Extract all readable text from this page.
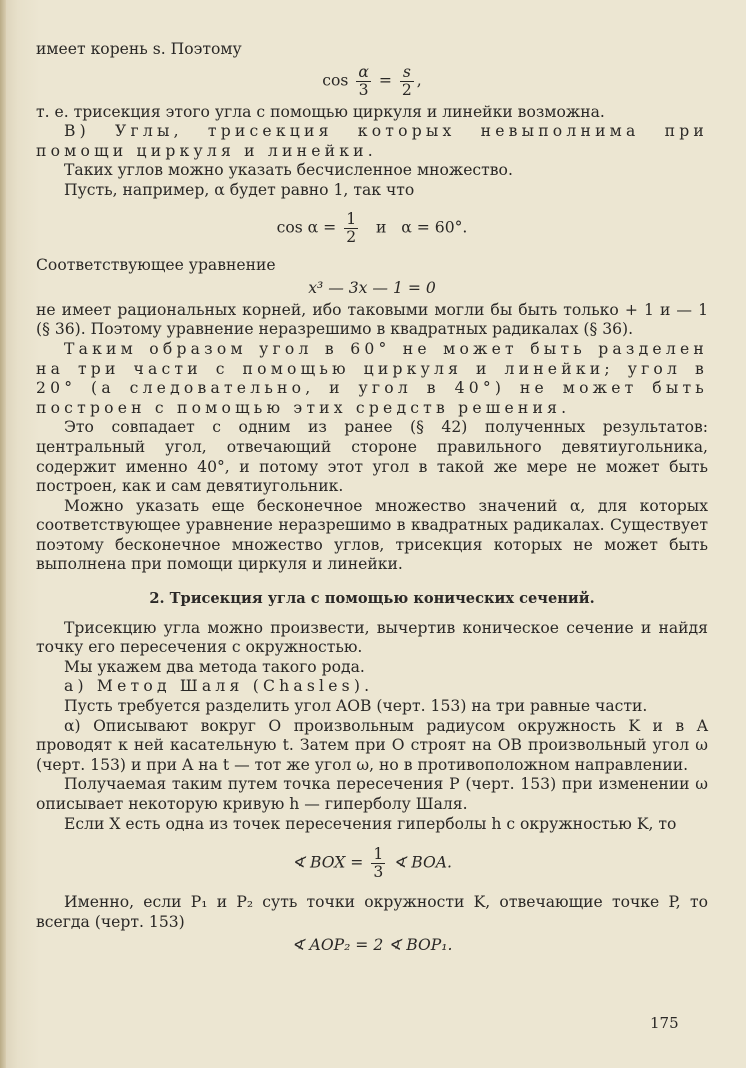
имеет корень s. Поэтому

$\cos \frac{\alpha}{3} = \frac{s}{2}$ ,

т. е. трисекция этого угла с помощью циркуля и линейки возможна.

В) Углы, трисекция которых невыполнима при помощи циркуля и линейки.

Таких углов можно указать бесчисленное множество.

Пусть, например, α будет равно 1, так что

$\cos \alpha = \frac{1}{2}$ и α = 60°.

Соответствующее уравнение

x³ — 3x — 1 = 0

не имеет рациональных корней, ибо таковыми могли бы быть только + 1 и — 1 (§ 36). Поэтому уравнение неразрешимо в квадратных радикалах (§ 36).

Таким образом угол в 60° не может быть разделен на три части с помощью циркуля и линейки; угол в 20° (а следовательно, и угол в 40°) не может быть построен с помощью этих средств решения.

Это совпадает с одним из ранее (§ 42) полученных результатов: центральный угол, отвечающий стороне правильного девятиугольника, содержит именно 40°, и потому этот угол в такой же мере не может быть построен, как и сам девятиугольник.

Можно указать еще бесконечное множество значений α, для которых соответствующее уравнение неразрешимо в квадратных радикалах. Существует поэтому бесконечное множество углов, трисекция которых не может быть выполнена при помощи циркуля и линейки.

2. Трисекция угла с помощью конических сечений.

Трисекцию угла можно произвести, вычертив коническое сечение и найдя точку его пересечения с окружностью.

Мы укажем два метода такого рода.

а) Метод Шаля (Chasles).

Пусть требуется разделить угол AOB (черт. 153) на три равные части.

α) Описывают вокруг O произвольным радиусом окружность K и в A проводят к ней касательную t. Затем при O строят на OB произвольный угол ω (черт. 153) и при A на t — тот же угол ω, но в противоположном направлении.

Получаемая таким путем точка пересечения P (черт. 153) при изменении ω описывает некоторую кривую h — гиперболу Шаля.

Если X есть одна из точек пересечения гиперболы h с окружностью K, то

∢ BOX = $\frac{1}{3}$ ∢ BOA.

Именно, если P₁ и P₂ суть точки окружности K, отвечающие точке P, то всегда (черт. 153)

∢ AOP₂ = 2 ∢ BOP₁.

175
